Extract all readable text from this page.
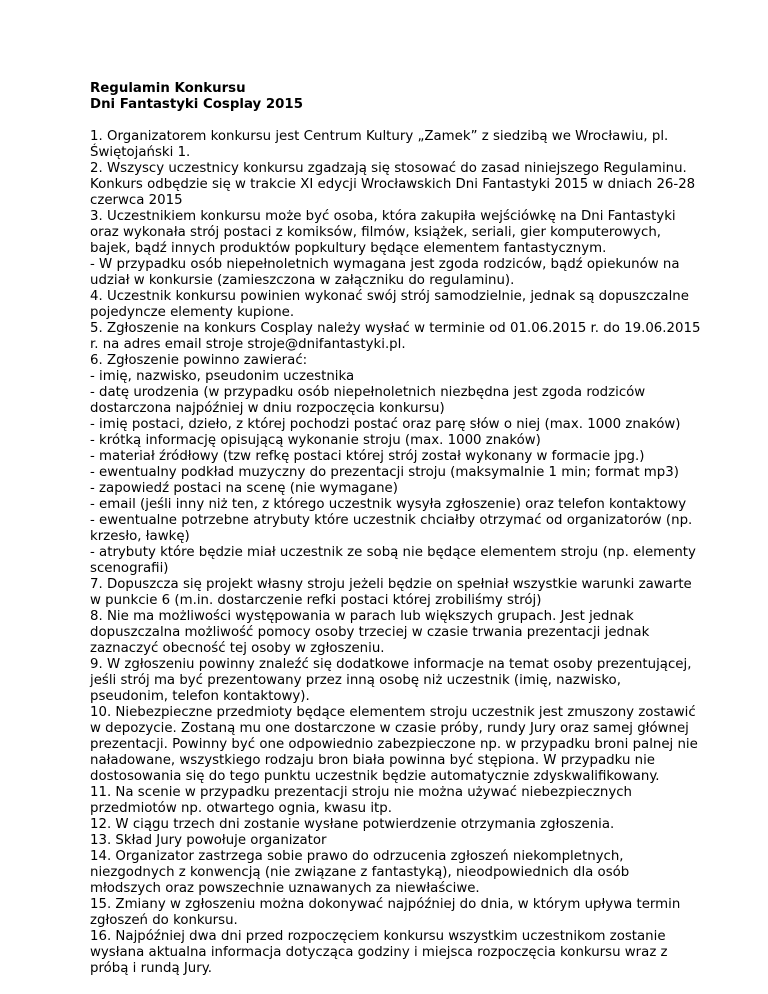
Regulamin Konkursu

Dni Fantastyki Cosplay 2015

1. Organizatorem konkursu jest Centrum Kultury „Zamek” z siedzibą we Wrocławiu, pl. Świętojański 1.

2. Wszyscy uczestnicy konkursu zgadzają się stosować do zasad niniejszego Regulaminu. Konkurs odbędzie się w trakcie XI edycji Wrocławskich Dni Fantastyki 2015 w dniach 26-28 czerwca 2015

3. Uczestnikiem konkursu może być osoba, która zakupiła wejściówkę na Dni Fantastyki oraz wykonała strój postaci z komiksów, filmów, książek, seriali, gier komputerowych, bajek, bądź innych produktów popkultury będące elementem fantastycznym.

- W przypadku osób niepełnoletnich wymagana jest zgoda rodziców, bądź opiekunów na udział w konkursie (zamieszczona w załączniku do regulaminu).

4. Uczestnik konkursu powinien wykonać swój strój samodzielnie, jednak są dopuszczalne pojedyncze elementy kupione.

5. Zgłoszenie na konkurs Cosplay należy wysłać w terminie od 01.06.2015 r. do 19.06.2015 r. na adres email stroje stroje@dnifantastyki.pl.

6. Zgłoszenie powinno zawierać:

- imię, nazwisko, pseudonim uczestnika

- datę urodzenia (w przypadku osób niepełnoletnich niezbędna jest zgoda rodziców dostarczona najpóźniej w dniu rozpoczęcia konkursu)

- imię postaci, dzieło, z której pochodzi postać oraz parę słów o niej (max. 1000 znaków)

- krótką informację opisującą wykonanie stroju (max. 1000 znaków)

- materiał źródłowy (tzw refkę postaci której strój został wykonany w formacie jpg.)

- ewentualny podkład muzyczny do prezentacji stroju (maksymalnie 1 min; format mp3)

- zapowiedź postaci na scenę (nie wymagane)

- email (jeśli inny niż ten, z którego uczestnik wysyła zgłoszenie) oraz telefon kontaktowy

- ewentualne potrzebne atrybuty które uczestnik chciałby otrzymać od organizatorów (np. krzesło, ławkę)

- atrybuty które będzie miał uczestnik ze sobą nie będące elementem stroju (np. elementy scenografii)

7. Dopuszcza się projekt własny stroju jeżeli będzie on spełniał wszystkie warunki zawarte w punkcie 6 (m.in. dostarczenie refki postaci której zrobiliśmy strój)

8. Nie ma możliwości występowania w parach lub większych grupach. Jest jednak dopuszczalna możliwość pomocy osoby trzeciej w czasie trwania prezentacji jednak zaznaczyć obecność tej osoby w zgłoszeniu.

9. W zgłoszeniu powinny znaleźć się dodatkowe informacje na temat osoby prezentującej, jeśli strój ma być prezentowany przez inną osobę niż uczestnik (imię, nazwisko, pseudonim, telefon kontaktowy).

10. Niebezpieczne przedmioty będące elementem stroju uczestnik jest zmuszony zostawić w depozycie. Zostaną mu one dostarczone w czasie próby, rundy Jury oraz samej głównej prezentacji. Powinny być one odpowiednio zabezpieczone np. w przypadku broni palnej nie naładowane, wszystkiego rodzaju bron biała powinna być stępiona. W przypadku nie dostosowania się do tego punktu uczestnik będzie automatycznie zdyskwalifikowany.

11. Na scenie w przypadku prezentacji stroju nie można używać niebezpiecznych przedmiotów np. otwartego ognia, kwasu itp.

12. W ciągu trzech dni zostanie wysłane potwierdzenie otrzymania zgłoszenia.

13. Skład Jury powołuje organizator

14. Organizator zastrzega sobie prawo do odrzucenia zgłoszeń niekompletnych, niezgodnych z konwencją (nie związane z fantastyką), nieodpowiednich dla osób młodszych oraz powszechnie uznawanych za niewłaściwe.

15. Zmiany w zgłoszeniu można dokonywać najpóźniej do dnia, w którym upływa termin zgłoszeń do konkursu.

16. Najpóźniej dwa dni przed rozpoczęciem konkursu wszystkim uczestnikom zostanie wysłana aktualna informacja dotycząca godziny i miejsca rozpoczęcia konkursu wraz z próbą i rundą Jury.
